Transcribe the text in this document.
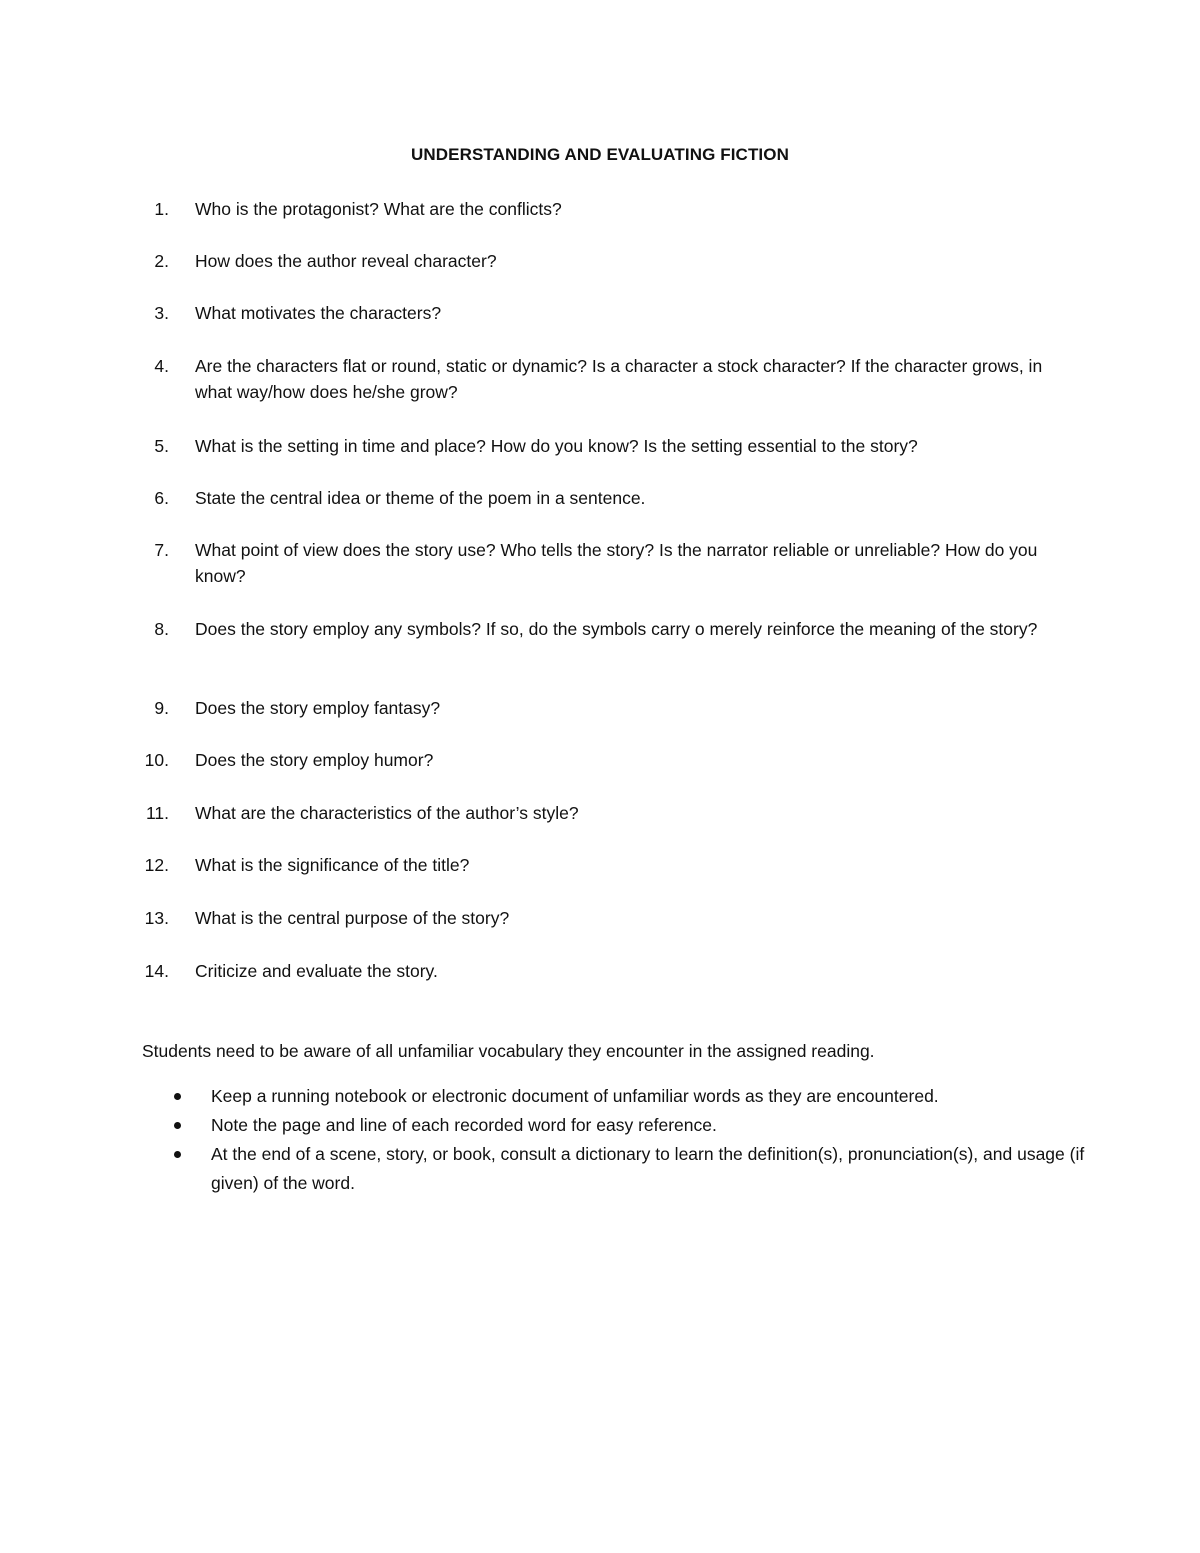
UNDERSTANDING AND EVALUATING FICTION
1. Who is the protagonist? What are the conflicts?
2. How does the author reveal character?
3. What motivates the characters?
4. Are the characters flat or round, static or dynamic? Is a character a stock character? If the character grows, in what way/how does he/she grow?
5. What is the setting in time and place? How do you know? Is the setting essential to the story?
6. State the central idea or theme of the poem in a sentence.
7. What point of view does the story use? Who tells the story? Is the narrator reliable or unreliable? How do you know?
8. Does the story employ any symbols? If so, do the symbols carry o merely reinforce the meaning of the story?
9. Does the story employ fantasy?
10. Does the story employ humor?
11. What are the characteristics of the author’s style?
12. What is the significance of the title?
13. What is the central purpose of the story?
14. Criticize and evaluate the story.
Students need to be aware of all unfamiliar vocabulary they encounter in the assigned reading.
Keep a running notebook or electronic document of unfamiliar words as they are encountered.
Note the page and line of each recorded word for easy reference.
At the end of a scene, story, or book, consult a dictionary to learn the definition(s), pronunciation(s), and usage (if given) of the word.
